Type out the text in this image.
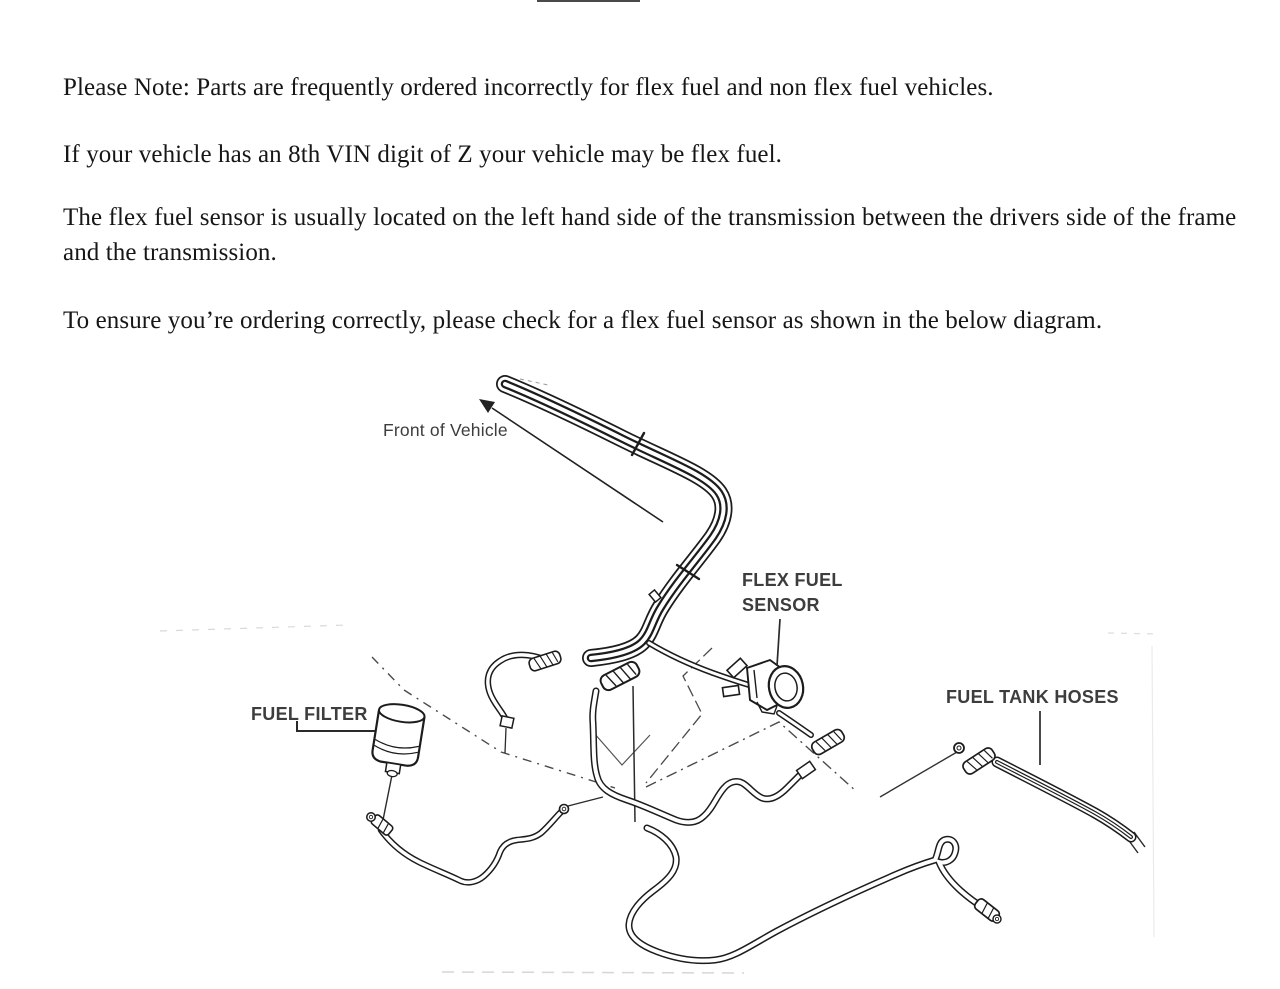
Please Note: Parts are frequently ordered incorrectly for flex fuel and non flex fuel vehicles.
If your vehicle has an 8th VIN digit of Z your vehicle may be flex fuel.
The flex fuel sensor is usually located on the left hand side of the transmission between the drivers side of the frame and the transmission.
To ensure you’re ordering correctly, please check for a flex fuel sensor as shown in the below diagram.
Front of Vehicle
FLEX FUEL
SENSOR
FUEL TANK HOSES
FUEL FILTER
